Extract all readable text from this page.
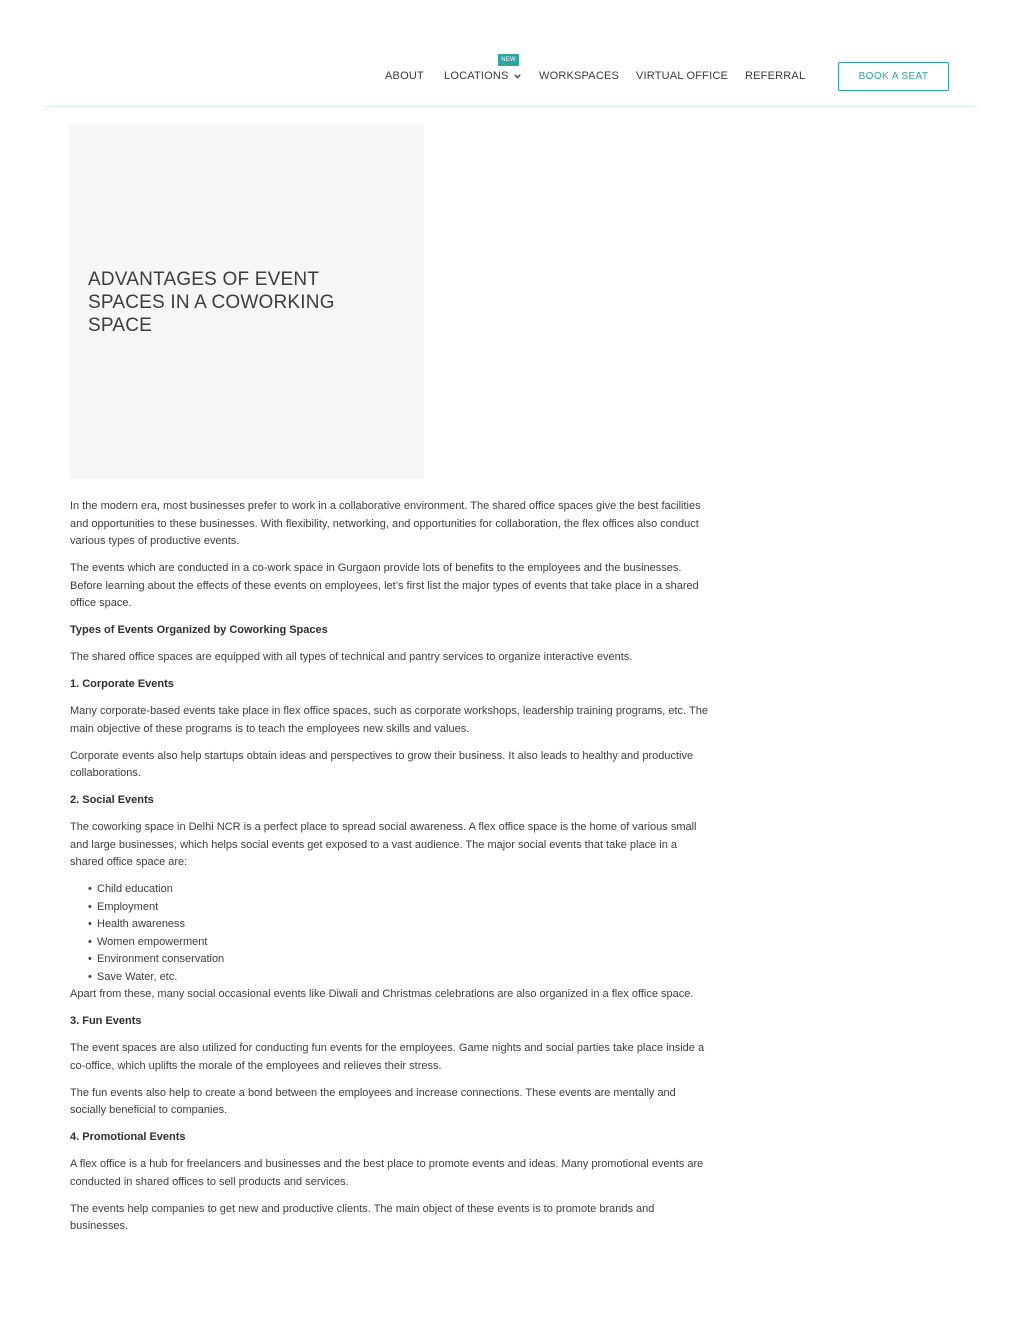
ABOUT LOCATIONS	WORKSPACES VIRTUAL OFFICE REFERRAL
NEW
BOOK A SEAT
ADVANTAGES OF EVENT SPACES IN A COWORKING SPACE

In the modern era, most businesses prefer to work in a collaborative environment. The shared office spaces give the best facilities and opportunities to these businesses. With flexibility, networking, and opportunities for collaboration, the flex offices also conduct various types of productive events.

The events which are conducted in a co-work space in Gurgaon provide lots of benefits to the employees and the businesses. Before learning about the effects of these events on employees, let’s first list the major types of events that take place in a shared office space.

Types of Events Organized by Coworking Spaces

The shared office spaces are equipped with all types of technical and pantry services to organize interactive events.

1. Corporate Events

Many corporate-based events take place in flex office spaces, such as corporate workshops, leadership training programs, etc. The main objective of these programs is to teach the employees new skills and values.

Corporate events also help startups obtain ideas and perspectives to grow their business. It also leads to healthy and productive collaborations.

2. Social Events

The coworking space in Delhi NCR is a perfect place to spread social awareness. A flex office space is the home of various small and large businesses, which helps social events get exposed to a vast audience. The major social events that take place in a shared office space are:

• Child education
• Employment
• Health awareness
• Women empowerment
• Environment conservation
• Save Water, etc.

Apart from these, many social occasional events like Diwali and Christmas celebrations are also organized in a flex office space.

3. Fun Events

The event spaces are also utilized for conducting fun events for the employees. Game nights and social parties take place inside a co-office, which uplifts the morale of the employees and relieves their stress.

The fun events also help to create a bond between the employees and increase connections. These events are mentally and socially beneficial to companies.

4. Promotional Events

A flex office is a hub for freelancers and businesses and the best place to promote events and ideas. Many promotional events are conducted in shared offices to sell products and services.

The events help companies to get new and productive clients. The main object of these events is to promote brands and businesses.
